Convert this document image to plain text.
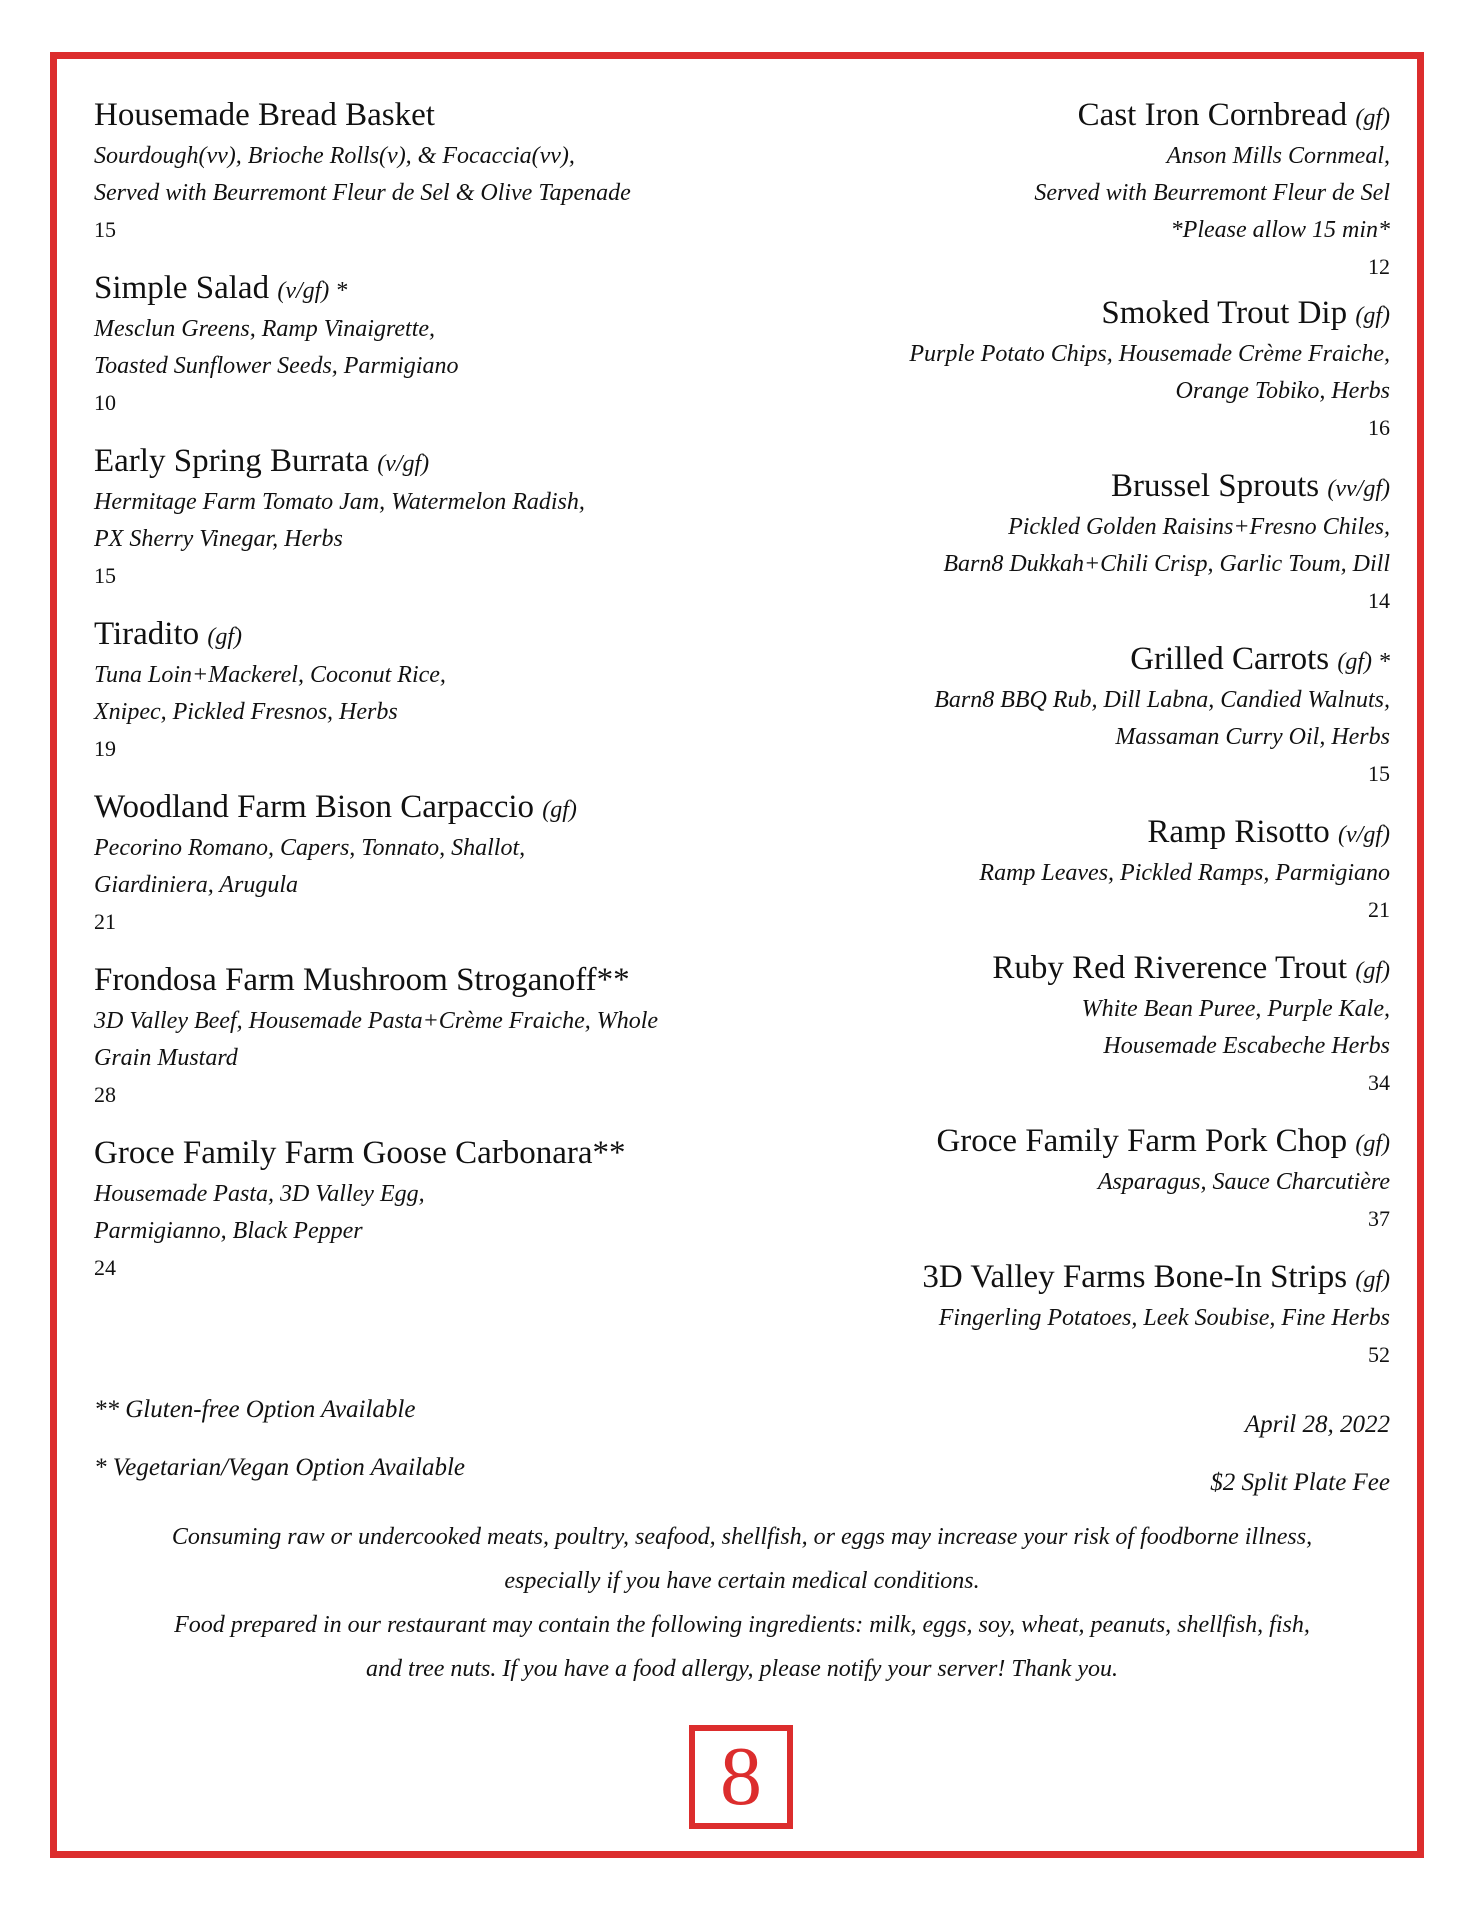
Housemade Bread Basket
Sourdough(vv), Brioche Rolls(v), & Focaccia(vv),
Served with Beurremont Fleur de Sel & Olive Tapenade
15
Simple Salad (v/gf) *
Mesclun Greens, Ramp Vinaigrette,
Toasted Sunflower Seeds, Parmigiano
10
Early Spring Burrata (v/gf)
Hermitage Farm Tomato Jam, Watermelon Radish,
PX Sherry Vinegar, Herbs
15
Tiradito (gf)
Tuna Loin+Mackerel, Coconut Rice,
Xnipec, Pickled Fresnos, Herbs
19
Woodland Farm Bison Carpaccio (gf)
Pecorino Romano, Capers, Tonnato, Shallot,
Giardiniera, Arugula
21
Frondosa Farm Mushroom Stroganoff**
3D Valley Beef, Housemade Pasta+Crème Fraiche, Whole
Grain Mustard
28
Groce Family Farm Goose Carbonara**
Housemade Pasta, 3D Valley Egg,
Parmigianno, Black Pepper
24
Cast Iron Cornbread (gf)
Anson Mills Cornmeal,
Served with Beurremont Fleur de Sel
*Please allow 15 min*
12
Smoked Trout Dip (gf)
Purple Potato Chips, Housemade Crème Fraiche,
Orange Tobiko, Herbs
16
Brussel Sprouts (vv/gf)
Pickled Golden Raisins+Fresno Chiles,
Barn8 Dukkah+Chili Crisp, Garlic Toum, Dill
14
Grilled Carrots (gf) *
Barn8 BBQ Rub, Dill Labna, Candied Walnuts,
Massaman Curry Oil, Herbs
15
Ramp Risotto (v/gf)
Ramp Leaves, Pickled Ramps, Parmigiano
21
Ruby Red Riverence Trout (gf)
White Bean Puree, Purple Kale,
Housemade Escabeche Herbs
34
Groce Family Farm Pork Chop (gf)
Asparagus, Sauce Charcutière
37
3D Valley Farms Bone-In Strips (gf)
Fingerling Potatoes, Leek Soubise, Fine Herbs
52
** Gluten-free Option Available
* Vegetarian/Vegan Option Available
April 28, 2022
$2 Split Plate Fee
Consuming raw or undercooked meats, poultry, seafood, shellfish, or eggs may increase your risk of foodborne illness,
especially if you have certain medical conditions.
Food prepared in our restaurant may contain the following ingredients: milk, eggs, soy, wheat, peanuts, shellfish, fish,
and tree nuts. If you have a food allergy, please notify your server! Thank you.
8
